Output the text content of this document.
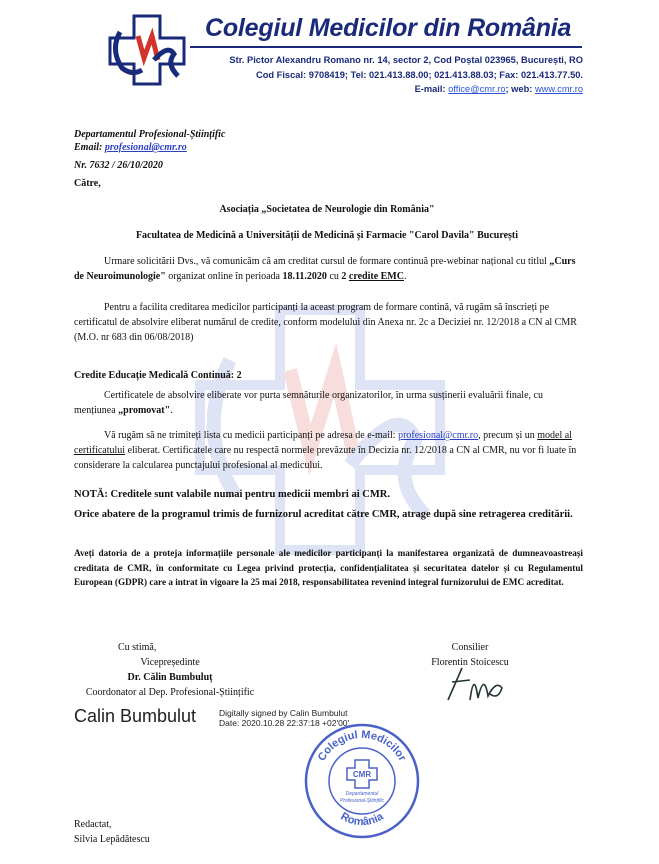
CMR
Colegiul Medicilor din România
Str. Pictor Alexandru Romano nr. 14, sector 2, Cod Poștal 023965, București, RO
Cod Fiscal: 9708419; Tel: 021.413.88.00; 021.413.88.03; Fax: 021.413.77.50.
E-mail: office@cmr.ro; web: www.cmr.ro
Departamentul Profesional-Științific
Email: profesional@cmr.ro
Nr. 7632 / 26/10/2020
Către,
Asociația „Societatea de Neurologie din România"
Facultatea de Medicină a Universității de Medicină și Farmacie "Carol Davila" București
Urmare solicitării Dvs., vă comunicăm că am creditat cursul de formare continuă pre-webinar național cu titlul „Curs de Neuroimunologie" organizat online în perioada 18.11.2020 cu 2 credite EMC.
Pentru a facilita creditarea medicilor participanți la aceast program de formare contină, vă rugăm să înscrieți pe certificatul de absolvire eliberat numărul de credite, conform modelului din Anexa nr. 2c a Deciziei nr. 12/2018 a CN al CMR (M.O. nr 683 din 06/08/2018)
Credite Educație Medicală Continuă: 2
Certificatele de absolvire eliberate vor purta semnăturile organizatorilor, în urma susținerii evaluării finale, cu mențiunea „promovat".
Vă rugăm să ne trimiteți lista cu medicii participanți pe adresa de e-mail: profesional@cmr.ro, precum și un model al certificatului eliberat. Certificatele care nu respectă normele prevăzute în Decizia nr. 12/2018 a CN al CMR, nu vor fi luate în considerare la calcularea punctajului profesional al medicului.
NOTĂ: Creditele sunt valabile numai pentru medicii membri ai CMR.
Orice abatere de la programul trimis de furnizorul acreditat către CMR, atrage după sine retragerea creditării.
Aveți datoria de a proteja informațiile personale ale medicilor participanți la manifestarea organizată de dumneavoastreași creditata de CMR, în conformitate cu Legea privind protecția, confidențialitatea și securitatea datelor și cu Regulamentul European (GDPR) care a intrat în vigoare la 25 mai 2018, responsabilitatea revenind integral furnizorului de EMC acreditat.
Cu stimă,
Vicepreședinte
Dr. Călin Bumbuluț
Coordonator al Dep. Profesional-Științific
Consilier
Florentin Stoicescu
Calin Bumbulut	Digitally signed by Calin Bumbulut
Date: 2020.10.28 22:37:18 +02'00'
Colegiul Medicilor
România
CMR
Departamentul
Profesional-Științific
Redactat,
Silvia Lepădătescu
